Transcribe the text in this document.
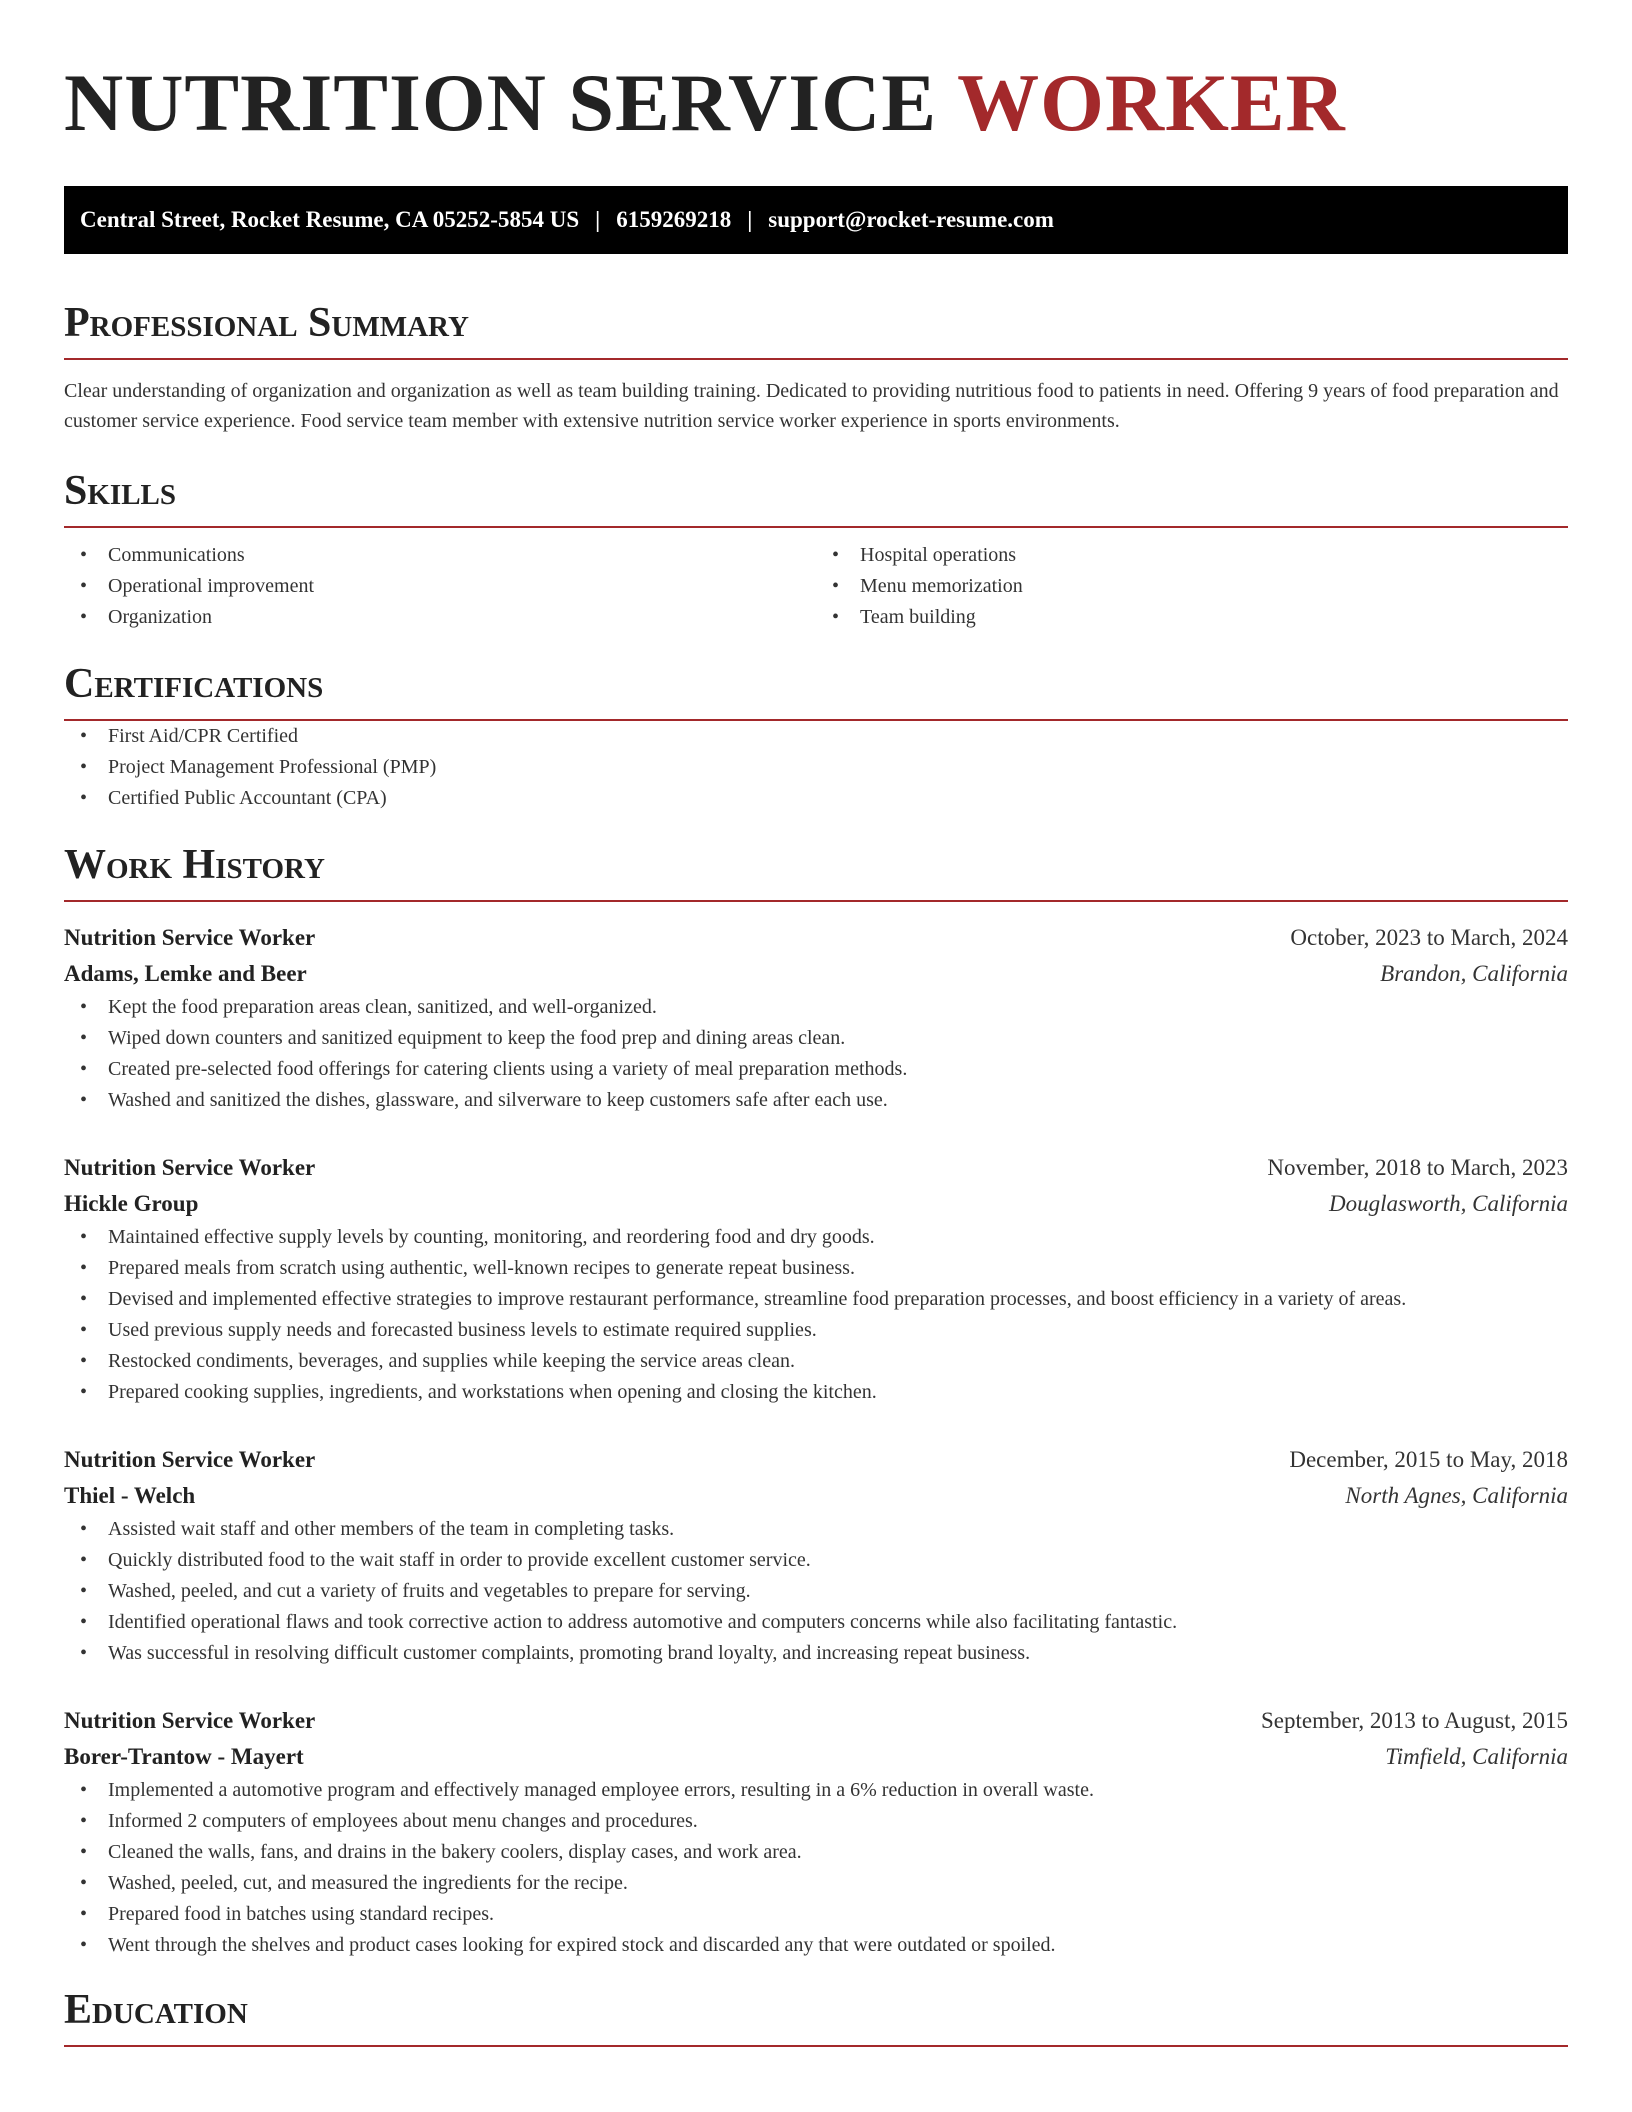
NUTRITION SERVICE WORKER
Central Street, Rocket Resume, CA 05252-5854 US | 6159269218 | support@rocket-resume.com
Professional Summary

Clear understanding of organization and organization as well as team building training. Dedicated to providing nutritious food to patients in need. Offering 9 years of food preparation and customer service experience. Food service team member with extensive nutrition service worker experience in sports environments.

Skills
• Communications
• Operational improvement
• Organization
• Hospital operations
• Menu memorization
• Team building
Certifications
• First Aid/CPR Certified
• Project Management Professional (PMP)
• Certified Public Accountant (CPA)
Work History
Nutrition Service Worker	October, 2023 to March, 2024
Adams, Lemke and Beer	Brandon, California
• Kept the food preparation areas clean, sanitized, and well-organized.
• Wiped down counters and sanitized equipment to keep the food prep and dining areas clean.
• Created pre-selected food offerings for catering clients using a variety of meal preparation methods.
• Washed and sanitized the dishes, glassware, and silverware to keep customers safe after each use.
Nutrition Service Worker	November, 2018 to March, 2023
Hickle Group	Douglasworth, California
• Maintained effective supply levels by counting, monitoring, and reordering food and dry goods.
• Prepared meals from scratch using authentic, well-known recipes to generate repeat business.
• Devised and implemented effective strategies to improve restaurant performance, streamline food preparation processes, and boost efficiency in a variety of areas.
• Used previous supply needs and forecasted business levels to estimate required supplies.
• Restocked condiments, beverages, and supplies while keeping the service areas clean.
• Prepared cooking supplies, ingredients, and workstations when opening and closing the kitchen.
Nutrition Service Worker	December, 2015 to May, 2018
Thiel - Welch	North Agnes, California
• Assisted wait staff and other members of the team in completing tasks.
• Quickly distributed food to the wait staff in order to provide excellent customer service.
• Washed, peeled, and cut a variety of fruits and vegetables to prepare for serving.
• Identified operational flaws and took corrective action to address automotive and computers concerns while also facilitating fantastic.
• Was successful in resolving difficult customer complaints, promoting brand loyalty, and increasing repeat business.
Nutrition Service Worker	September, 2013 to August, 2015
Borer-Trantow - Mayert	Timfield, California
• Implemented a automotive program and effectively managed employee errors, resulting in a 6% reduction in overall waste.
• Informed 2 computers of employees about menu changes and procedures.
• Cleaned the walls, fans, and drains in the bakery coolers, display cases, and work area.
• Washed, peeled, cut, and measured the ingredients for the recipe.
• Prepared food in batches using standard recipes.
• Went through the shelves and product cases looking for expired stock and discarded any that were outdated or spoiled.
Education
